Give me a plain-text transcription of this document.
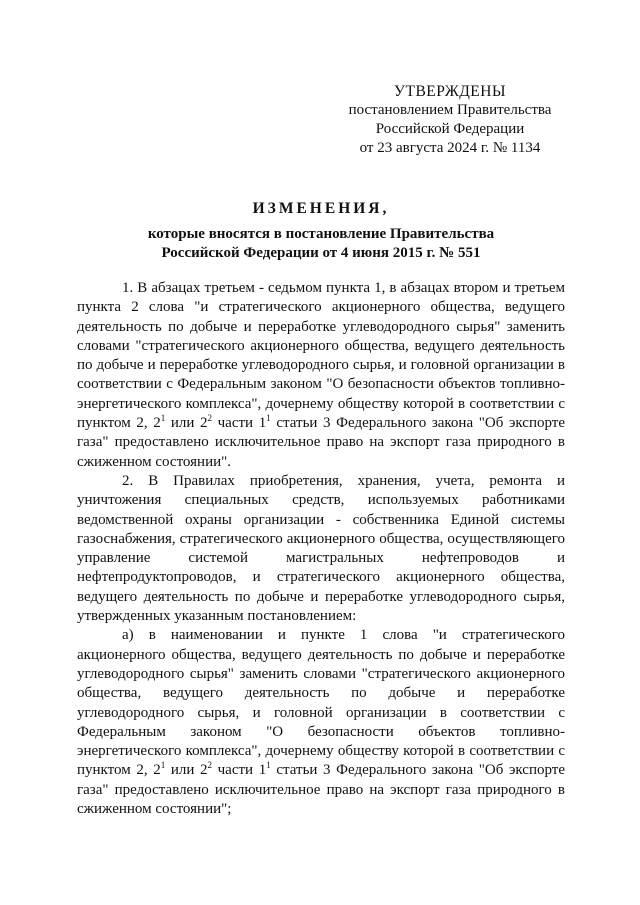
УТВЕРЖДЕНЫ
постановлением Правительства
Российской Федерации
от 23 августа 2024 г. № 1134
ИЗМЕНЕНИЯ,
которые вносятся в постановление Правительства
Российской Федерации от 4 июня 2015 г. № 551

1. В абзацах третьем - седьмом пункта 1, в абзацах втором и третьем пункта 2 слова "и стратегического акционерного общества, ведущего деятельность по добыче и переработке углеводородного сырья" заменить словами "стратегического акционерного общества, ведущего деятельность по добыче и переработке углеводородного сырья, и головной организации в соответствии с Федеральным законом "О безопасности объектов топливно-энергетического комплекса", дочернему обществу которой в соответствии с пунктом 2, $2^1$ или $2^2$ части $1^1$ статьи 3 Федерального закона "Об экспорте газа" предоставлено исключительное право на экспорт газа природного в сжиженном состоянии".

2. В Правилах приобретения, хранения, учета, ремонта и уничтожения специальных средств, используемых работниками ведомственной охраны организации - собственника Единой системы газоснабжения, стратегического акционерного общества, осуществляющего управление системой магистральных нефтепроводов и нефтепродуктопроводов, и стратегического акционерного общества, ведущего деятельность по добыче и переработке углеводородного сырья, утвержденных указанным постановлением:

а) в наименовании и пункте 1 слова "и стратегического акционерного общества, ведущего деятельность по добыче и переработке углеводородного сырья" заменить словами "стратегического акционерного общества, ведущего деятельность по добыче и переработке углеводородного сырья, и головной организации в соответствии с Федеральным законом "О безопасности объектов топливно-энергетического комплекса", дочернему обществу которой в соответствии с пунктом 2, $2^1$ или $2^2$ части $1^1$ статьи 3 Федерального закона "Об экспорте газа" предоставлено исключительное право на экспорт газа природного в сжиженном состоянии";
